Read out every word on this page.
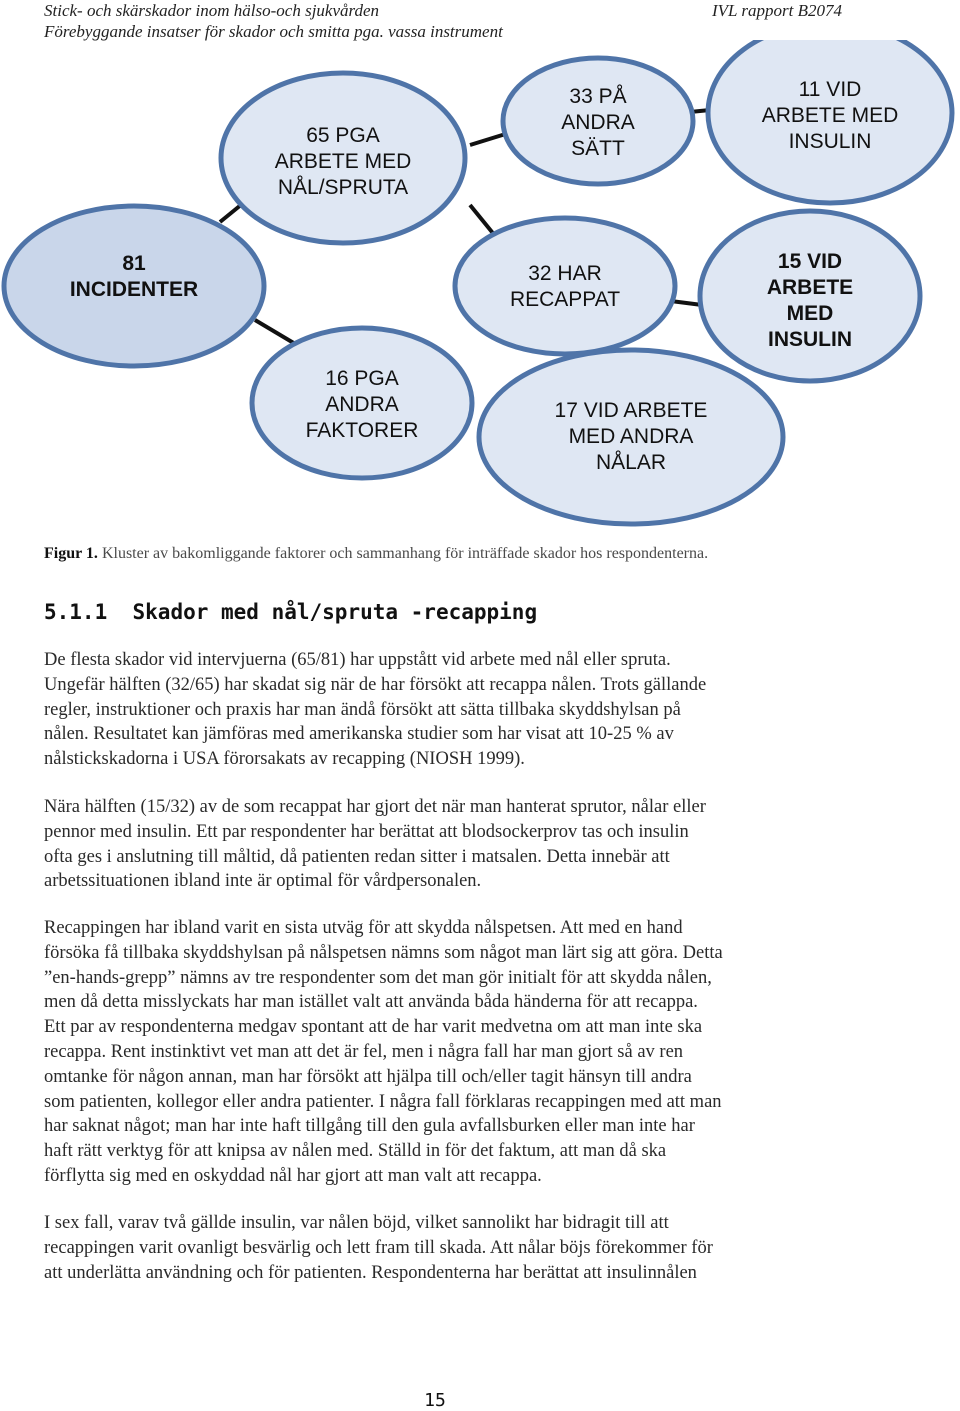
Stick- och skärskador inom hälso-och sjukvården
Förebyggande insatser för skador och smitta pga. vassa instrument
IVL rapport B2074
81 INCIDENTER
65 PGA ARBETE MED NÅL/SPRUTA
16 PGA ANDRA FAKTORER
33 PÅ ANDRA SÄTT
32 HAR RECAPPAT
11 VID ARBETE MED INSULIN
15 VID ARBETE MED INSULIN
17 VID ARBETE MED ANDRA NÅLAR
Figur 1. Kluster av bakomliggande faktorer och sammanhang för inträffade skador hos respondenterna.
5.1.1 Skador med nål/spruta -recapping
De flesta skador vid intervjuerna (65/81) har uppstått vid arbete med nål eller spruta.
Ungefär hälften (32/65) har skadat sig när de har försökt att recappa nålen. Trots gällande
regler, instruktioner och praxis har man ändå försökt att sätta tillbaka skyddshylsan på
nålen. Resultatet kan jämföras med amerikanska studier som har visat att 10-25 % av
nålstickskadorna i USA förorsakats av recapping (NIOSH 1999).
Nära hälften (15/32) av de som recappat har gjort det när man hanterat sprutor, nålar eller
pennor med insulin. Ett par respondenter har berättat att blodsockerprov tas och insulin
ofta ges i anslutning till måltid, då patienten redan sitter i matsalen. Detta innebär att
arbetssituationen ibland inte är optimal för vårdpersonalen.
Recappingen har ibland varit en sista utväg för att skydda nålspetsen. Att med en hand
försöka få tillbaka skyddshylsan på nålspetsen nämns som något man lärt sig att göra. Detta
”en-hands-grepp” nämns av tre respondenter som det man gör initialt för att skydda nålen,
men då detta misslyckats har man istället valt att använda båda händerna för att recappa.
Ett par av respondenterna medgav spontant att de har varit medvetna om att man inte ska
recappa. Rent instinktivt vet man att det är fel, men i några fall har man gjort så av ren
omtanke för någon annan, man har försökt att hjälpa till och/eller tagit hänsyn till andra
som patienten, kollegor eller andra patienter. I några fall förklaras recappingen med att man
har saknat något; man har inte haft tillgång till den gula avfallsburken eller man inte har
haft rätt verktyg för att knipsa av nålen med. Ställd in för det faktum, att man då ska
förflytta sig med en oskyddad nål har gjort att man valt att recappa.
I sex fall, varav två gällde insulin, var nålen böjd, vilket sannolikt har bidragit till att
recappingen varit ovanligt besvärlig och lett fram till skada. Att nålar böjs förekommer för
att underlätta användning och för patienten. Respondenterna har berättat att insulinnålen
15
